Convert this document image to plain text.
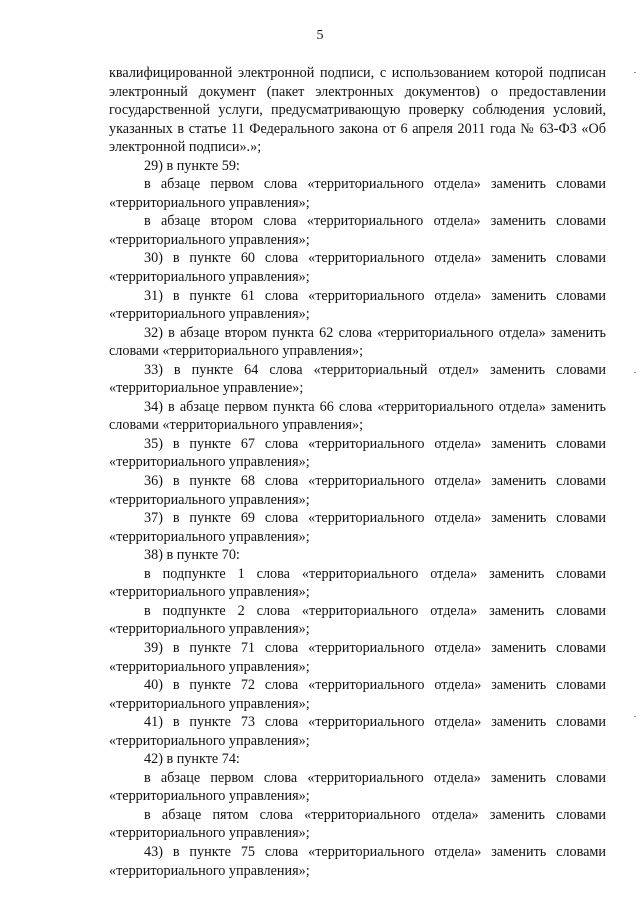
5

квалифицированной электронной подписи, с использованием которой подписан электронный документ (пакет электронных документов) о предоставлении государственной услуги, предусматривающую проверку соблюдения условий, указанных в статье 11 Федерального закона от 6 апреля 2011 года № 63-ФЗ «Об электронной подписи».»;

29) в пункте 59:

в абзаце первом слова «территориального отдела» заменить словами «территориального управления»;

в абзаце втором слова «территориального отдела» заменить словами «территориального управления»;

30) в пункте 60 слова «территориального отдела» заменить словами «территориального управления»;

31) в пункте 61 слова «территориального отдела» заменить словами «территориального управления»;

32) в абзаце втором пункта 62 слова «территориального отдела» заменить словами «территориального управления»;

33) в пункте 64 слова «территориальный отдел» заменить словами «территориальное управление»;

34) в абзаце первом пункта 66 слова «территориального отдела» заменить словами «территориального управления»;

35) в пункте 67 слова «территориального отдела» заменить словами «территориального управления»;

36) в пункте 68 слова «территориального отдела» заменить словами «территориального управления»;

37) в пункте 69 слова «территориального отдела» заменить словами «территориального управления»;

38) в пункте 70:

в подпункте 1 слова «территориального отдела» заменить словами «территориального управления»;

в подпункте 2 слова «территориального отдела» заменить словами «территориального управления»;

39) в пункте 71 слова «территориального отдела» заменить словами «территориального управления»;

40) в пункте 72 слова «территориального отдела» заменить словами «территориального управления»;

41) в пункте 73 слова «территориального отдела» заменить словами «территориального управления»;

42) в пункте 74:

в абзаце первом слова «территориального отдела» заменить словами «территориального управления»;

в абзаце пятом слова «территориального отдела» заменить словами «территориального управления»;

43) в пункте 75 слова «территориального отдела» заменить словами «территориального управления»;
